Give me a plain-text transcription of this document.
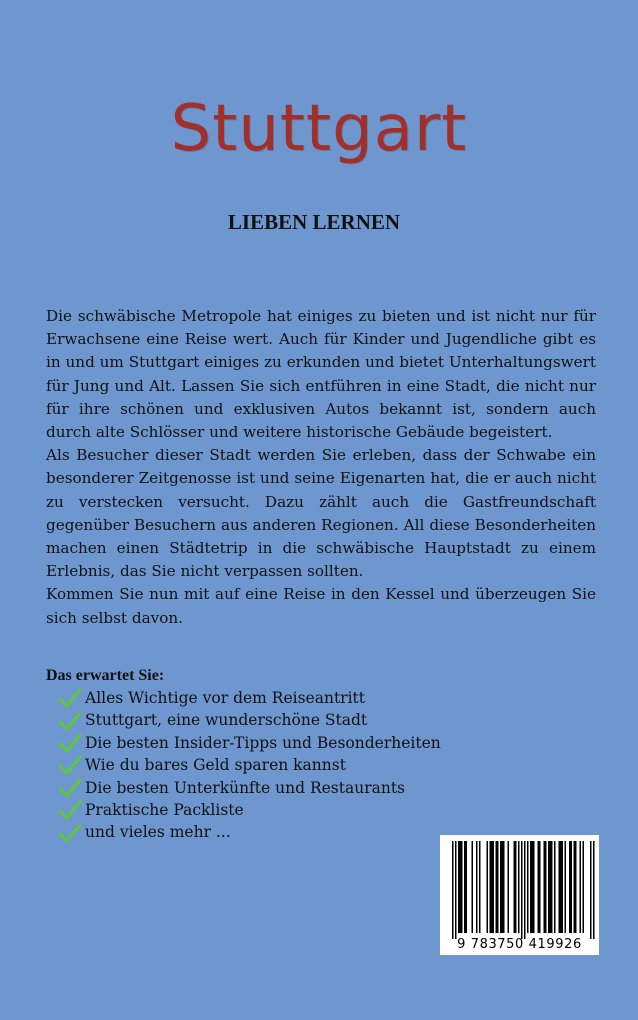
Stuttgart
LIEBEN LERNEN

Die schwäbische Metropole hat einiges zu bieten und ist nicht nur für Erwachsene eine Reise wert. Auch für Kinder und Jugendliche gibt es in und um Stuttgart einiges zu erkunden und bietet Unterhaltungswert für Jung und Alt. Lassen Sie sich entführen in eine Stadt, die nicht nur für ihre schönen und exklusiven Autos bekannt ist, sondern auch durch alte Schlösser und weitere historische Gebäude begeistert.

Als Besucher dieser Stadt werden Sie erleben, dass der Schwabe ein besonderer Zeitgenosse ist und seine Eigenarten hat, die er auch nicht zu verstecken versucht. Dazu zählt auch die Gastfreundschaft gegenüber Besuchern aus anderen Regionen. All diese Besonderheiten machen einen Städtetrip in die schwäbische Hauptstadt zu einem Erlebnis, das Sie nicht verpassen sollten.

Kommen Sie nun mit auf eine Reise in den Kessel und überzeugen Sie sich selbst davon.

Das erwartet Sie:
Alles Wichtige vor dem Reiseantritt
Stuttgart, eine wunderschöne Stadt
Die besten Insider-Tipps und Besonderheiten
Wie du bares Geld sparen kannst
Die besten Unterkünfte und Restaurants
Praktische Packliste
und vieles mehr ...
9 783750 419926
